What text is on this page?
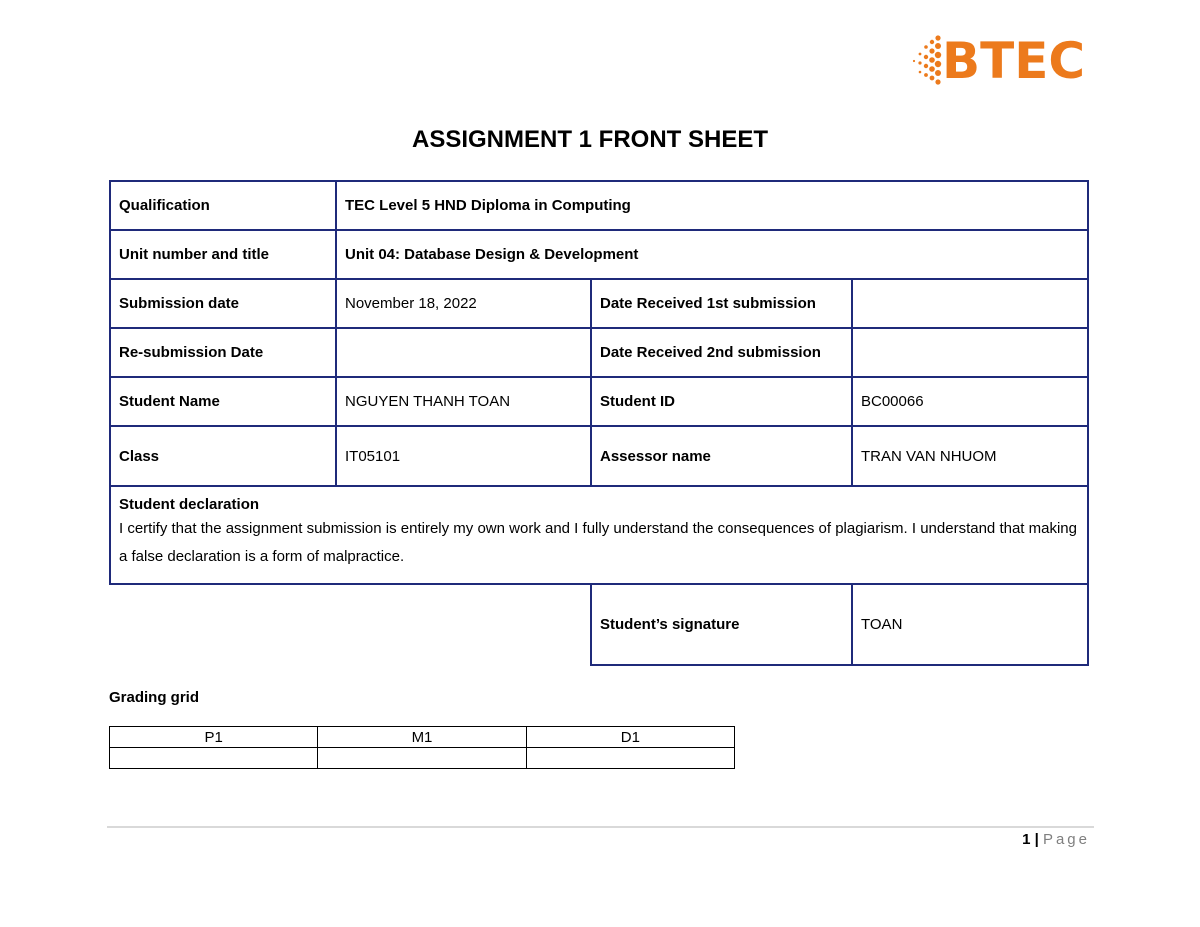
BTEC
ASSIGNMENT 1 FRONT SHEET
Qualification	TEC Level 5 HND Diploma in Computing		
Unit number and title	Unit 04: Database Design & Development		
Submission date	November 18, 2022	Date Received 1st submission	
Re-submission Date		Date Received 2nd submission	
Student Name	NGUYEN THANH TOAN	Student ID	BC00066
Class	IT05101	Assessor name	TRAN VAN NHUOM

Student declaration
I certify that the assignment submission is entirely my own work and I fully understand the consequences of plagiarism. I understand that making a false declaration is a form of malpractice.			

		Student’s signature	TOAN
Grading grid
P1	M1	D1

1 | Page
